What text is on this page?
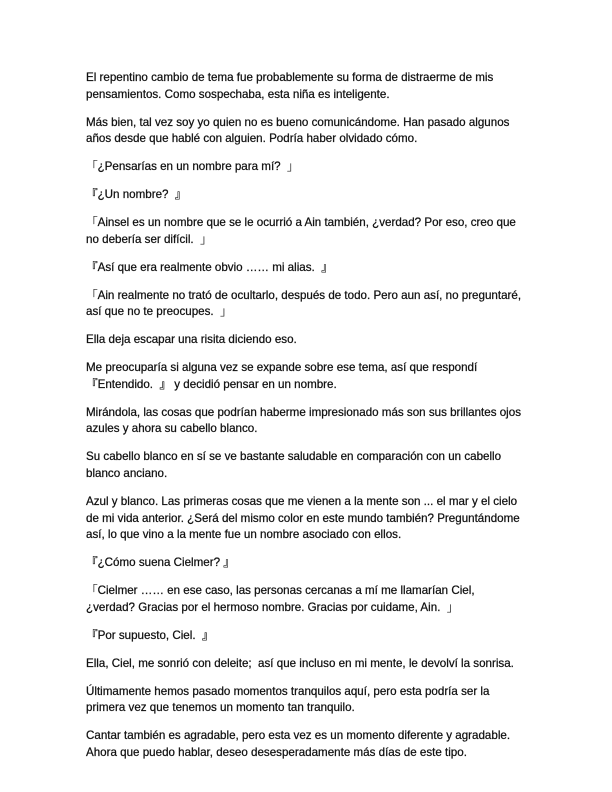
El repentino cambio de tema fue probablemente su forma de distraerme de mis pensamientos. Como sospechaba, esta niña es inteligente.

Más bien, tal vez soy yo quien no es bueno comunicándome. Han pasado algunos años desde que hablé con alguien. Podría haber olvidado cómo.

「¿Pensarías en un nombre para mí?  」

『¿Un nombre?  』

「Ainsel es un nombre que se le ocurrió a Ain también, ¿verdad? Por eso, creo que no debería ser difícil.  」

『Así que era realmente obvio …… mi alias.  』

「Ain realmente no trató de ocultarlo, después de todo. Pero aun así, no preguntaré, así que no te preocupes.  」

Ella deja escapar una risita diciendo eso.

Me preocuparía si alguna vez se expande sobre ese tema, así que respondí 『Entendido.  』 y decidió pensar en un nombre.

Mirándola, las cosas que podrían haberme impresionado más son sus brillantes ojos azules y ahora su cabello blanco.

Su cabello blanco en sí se ve bastante saludable en comparación con un cabello blanco anciano.

Azul y blanco. Las primeras cosas que me vienen a la mente son ... el mar y el cielo de mi vida anterior. ¿Será del mismo color en este mundo también? Preguntándome así, lo que vino a la mente fue un nombre asociado con ellos.

『¿Cómo suena Cielmer? 』

「Cielmer …… en ese caso, las personas cercanas a mí me llamarían Ciel, ¿verdad? Gracias por el hermoso nombre. Gracias por cuidame, Ain.  」

『Por supuesto, Ciel.  』

Ella, Ciel, me sonrió con deleite;  así que incluso en mi mente, le devolví la sonrisa.

Últimamente hemos pasado momentos tranquilos aquí, pero esta podría ser la primera vez que tenemos un momento tan tranquilo.

Cantar también es agradable, pero esta vez es un momento diferente y agradable. Ahora que puedo hablar, deseo desesperadamente más días de este tipo.
